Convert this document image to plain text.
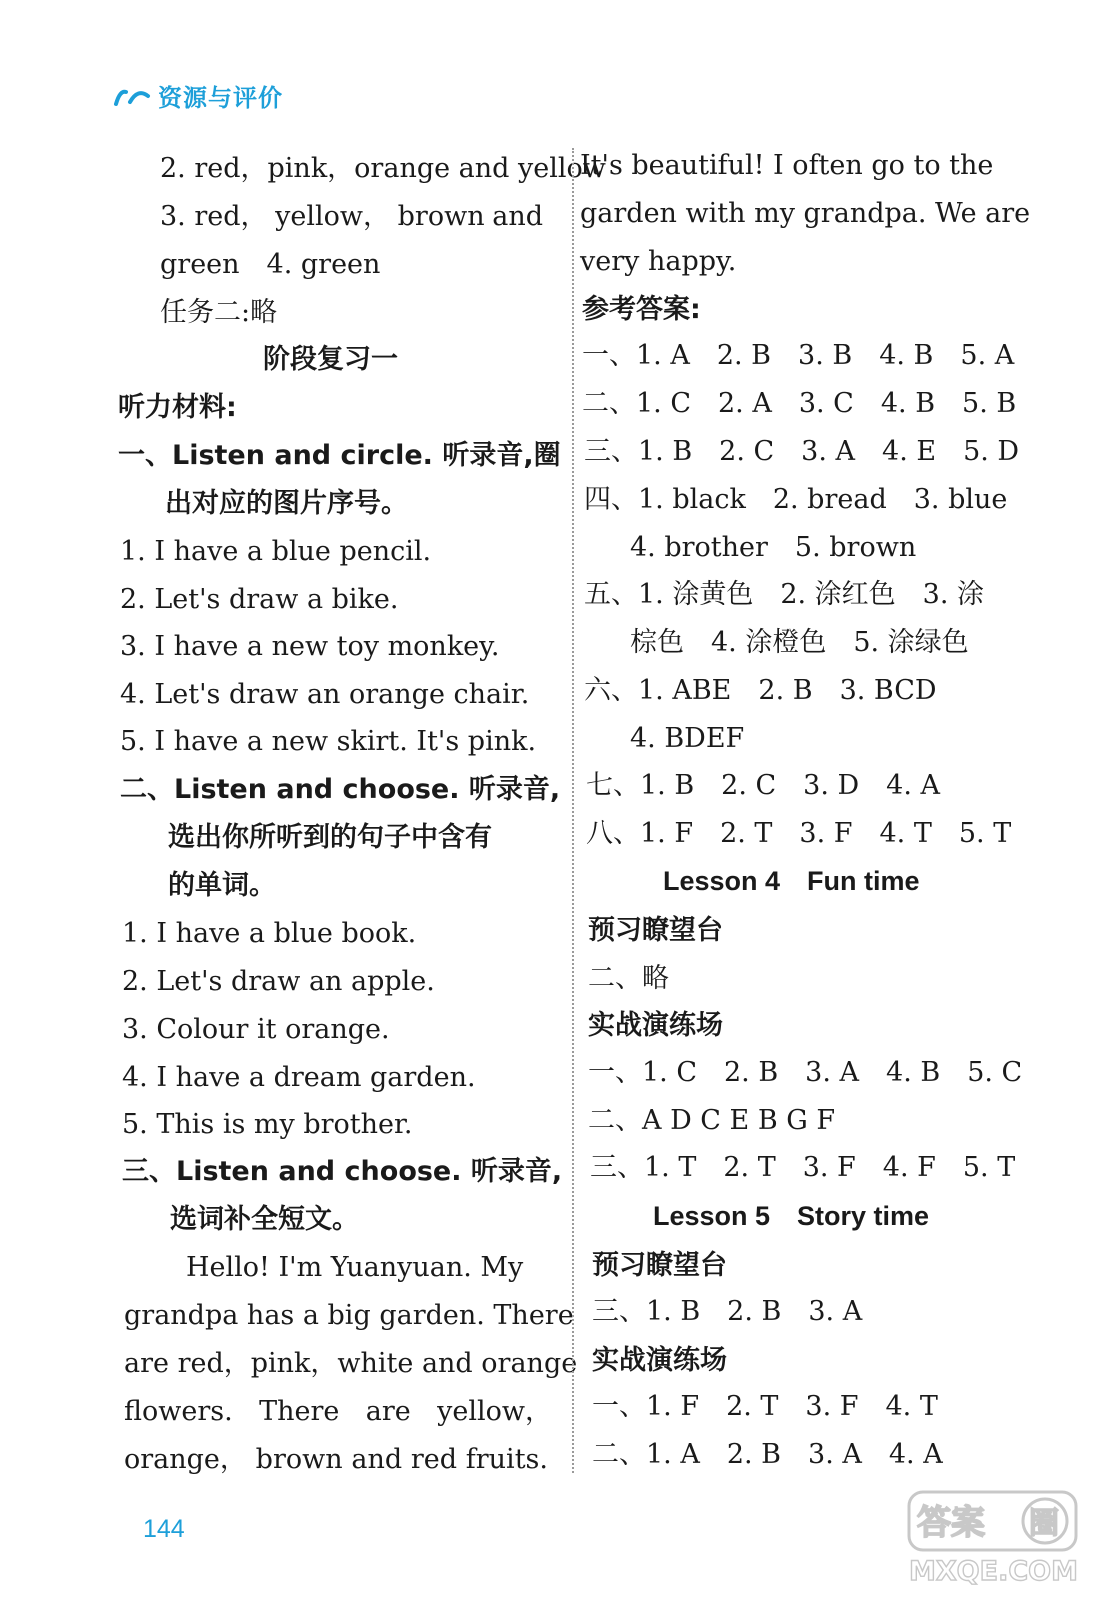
资源与评价
2. red，pink，orange and yellow
3. red， yellow， brown and
green　4. green
任务二:略
阶段复习一
听力材料:
一、Listen and circle. 听录音,圈
出对应的图片序号。
1. I have a blue pencil.
2. Let's draw a bike.
3. I have a new toy monkey.
4. Let's draw an orange chair.
5. I have a new skirt. It's pink.
二、Listen and choose. 听录音,
选出你所听到的句子中含有
的单词。
1. I have a blue book.
2. Let's draw an apple.
3. Colour it orange.
4. I have a dream garden.
5. This is my brother.
三、Listen and choose. 听录音,
选词补全短文。
Hello! I'm Yuanyuan. My
grandpa has a big garden. There
are red，pink，white and orange
flowers. There are yellow，
orange， brown and red fruits.
It's beautiful! I often go to the
garden with my grandpa. We are
very happy.
参考答案:
一、1. A　2. B　3. B　4. B　5. A
二、1. C　2. A　3. C　4. B　5. B
三、1. B　2. C　3. A　4. E　5. D
四、1. black　2. bread　3. blue
4. brother　5. brown
五、1. 涂黄色　2. 涂红色　3. 涂
棕色　4. 涂橙色　5. 涂绿色
六、1. ABE　2. B　3. BCD
4. BDEF
七、1. B　2. C　3. D　4. A
八、1. F　2. T　3. F　4. T　5. T
Lesson 4　Fun time
预习瞭望台
二、略
实战演练场
一、1. C　2. B　3. A　4. B　5. C
二、A D C E B G F
三、1. T　2. T　3. F　4. F　5. T
Lesson 5　Story time
预习瞭望台
三、1. B　2. B　3. A
实战演练场
一、1. F　2. T　3. F　4. T
二、1. A　2. B　3. A　4. A
144	答案 圈
MXQE.COM
